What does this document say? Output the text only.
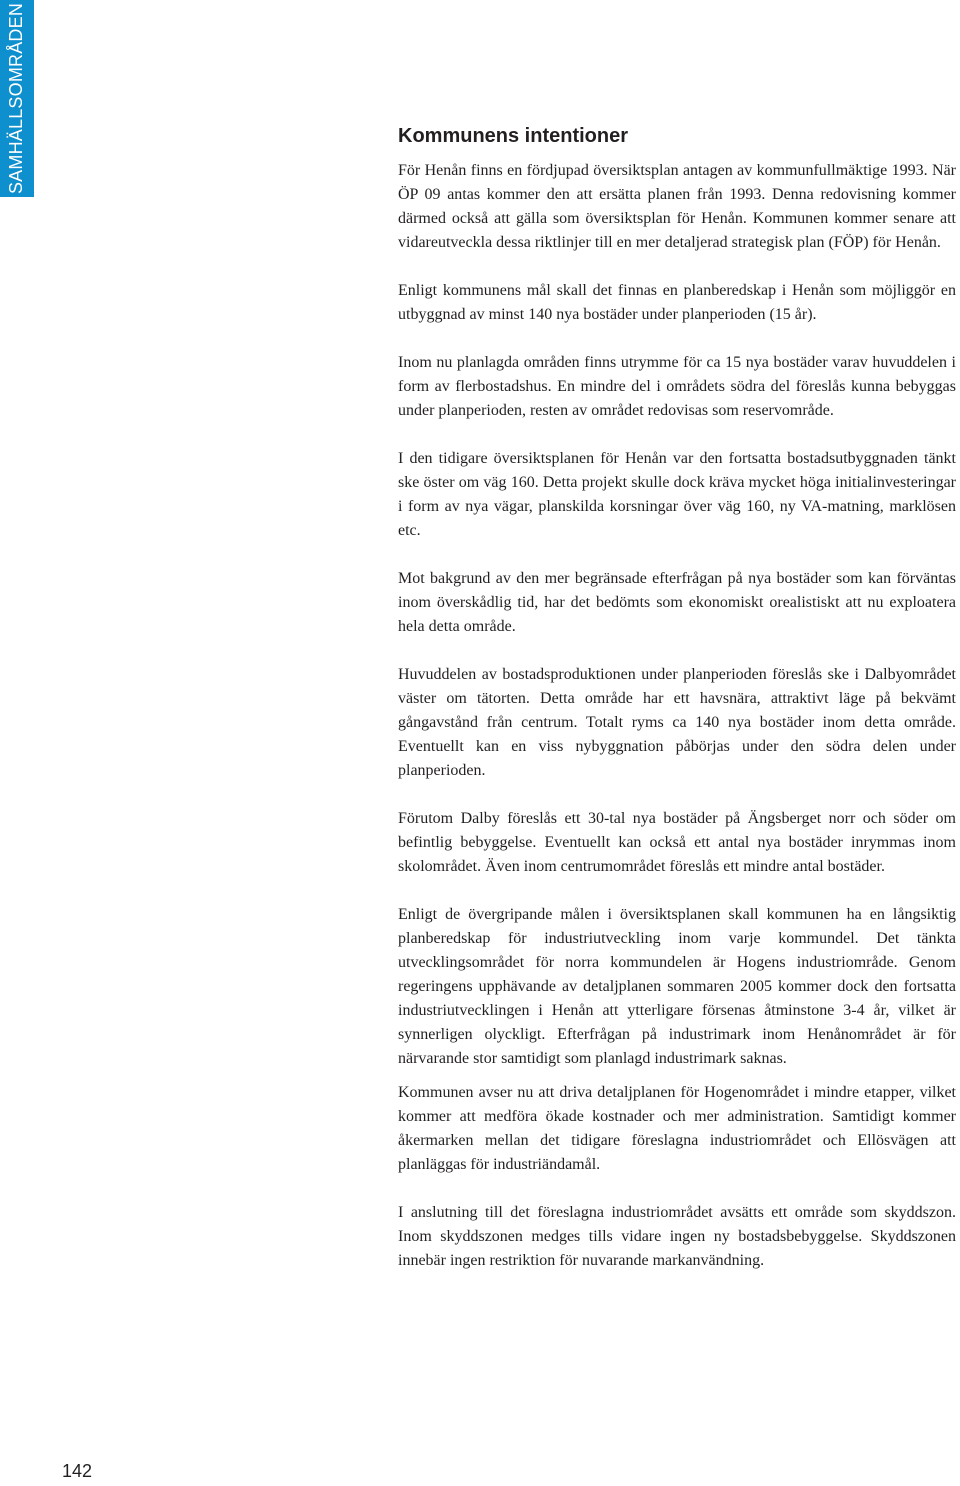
SAMHÄLLSOMRÅDEN	Kommunens intentioner

För Henån finns en fördjupad översiktsplan antagen av kommunfullmäktige 1993. När ÖP 09 antas kommer den att ersätta planen från 1993. Denna redovisning kommer därmed också att gälla som översiktsplan för Henån. Kommunen kommer senare att vidareutveckla dessa riktlinjer till en mer detaljerad strategisk plan (FÖP) för Henån.

Enligt kommunens mål skall det finnas en planberedskap i Henån som möjliggör en utbyggnad av minst 140 nya bostäder under planperioden (15 år).

Inom nu planlagda områden finns utrymme för ca 15 nya bostäder varav huvuddelen i form av flerbostadshus. En mindre del i områdets södra del föreslås kunna bebyggas under planperioden, resten av området redovisas som reservområde.

I den tidigare översiktsplanen för Henån var den fortsatta bostadsutbyggnaden tänkt ske öster om väg 160. Detta projekt skulle dock kräva mycket höga initialinvesteringar i form av nya vägar, planskilda korsningar över väg 160, ny VA-matning, marklösen etc.

Mot bakgrund av den mer begränsade efterfrågan på nya bostäder som kan förväntas inom överskådlig tid, har det bedömts som ekonomiskt orealistiskt att nu exploatera hela detta område.

Huvuddelen av bostadsproduktionen under planperioden föreslås ske i Dalbyområdet väster om tätorten. Detta område har ett havsnära, attraktivt läge på bekvämt gångavstånd från centrum. Totalt ryms ca 140 nya bostäder inom detta område. Eventuellt kan en viss nybyggnation påbörjas under den södra delen under planperioden.

Förutom Dalby föreslås ett 30-tal nya bostäder på Ängsberget norr och söder om befintlig bebyggelse. Eventuellt kan också ett antal nya bostäder inrymmas inom skolområdet. Även inom centrumområdet föreslås ett mindre antal bostäder.

Enligt de övergripande målen i översiktsplanen skall kommunen ha en långsiktig planberedskap för industriutveckling inom varje kommundel. Det tänkta utvecklingsområdet för norra kommundelen är Hogens industriområde. Genom regeringens upphävande av detaljplanen sommaren 2005 kommer dock den fortsatta industriutvecklingen i Henån att ytterligare försenas åtminstone 3-4 år, vilket är synnerligen olyckligt. Efterfrågan på industrimark inom Henånområdet är för närvarande stor samtidigt som planlagd industrimark saknas.

Kommunen avser nu att driva detaljplanen för Hogenområdet i mindre etapper, vilket kommer att medföra ökade kostnader och mer administration. Samtidigt kommer åkermarken mellan det tidigare föreslagna industriområdet och Ellösvägen att planläggas för industriändamål.

I anslutning till det föreslagna industriområdet avsätts ett område som skyddszon. Inom skyddszonen medges tills vidare ingen ny bostadsbebyggelse. Skyddszonen innebär ingen restriktion för nuvarande markanvändning.

142
